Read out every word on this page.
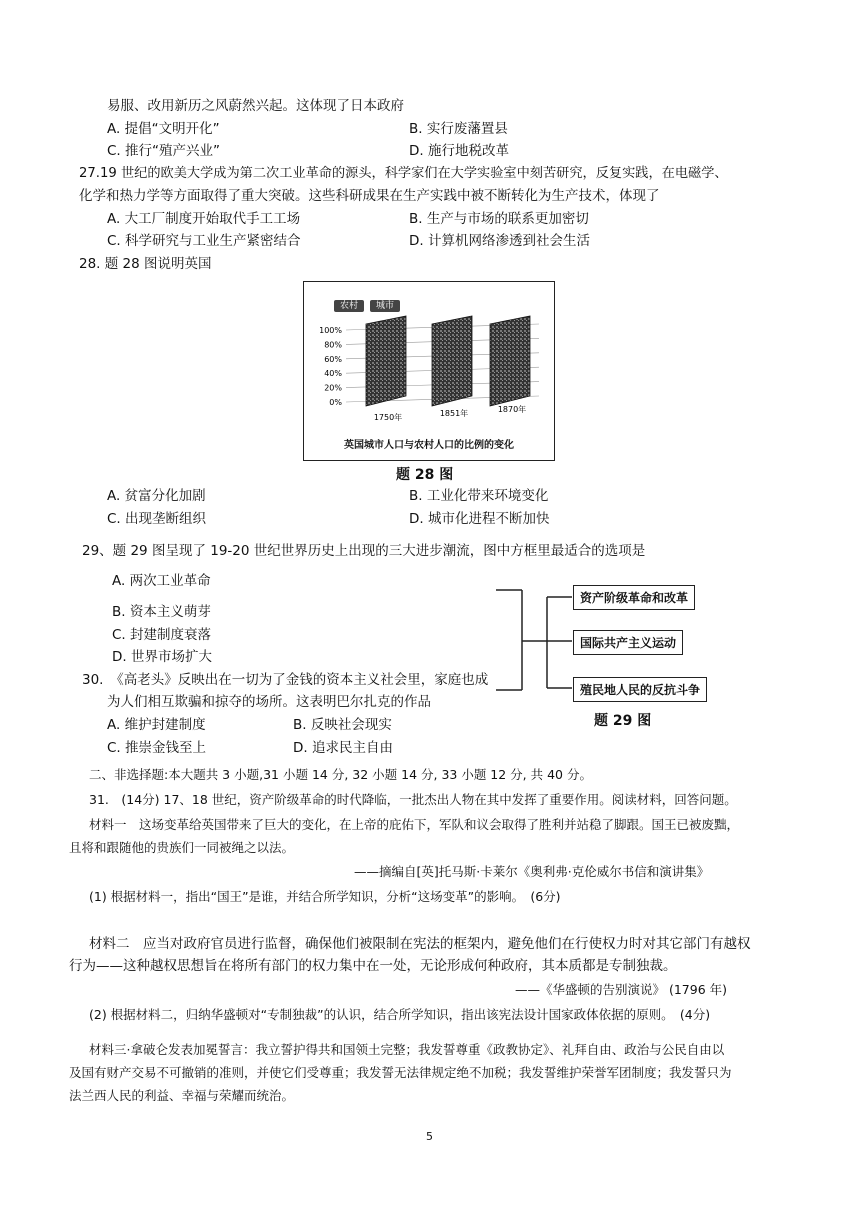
易服、改用新历之风蔚然兴起。这体现了日本政府
A. 提倡“文明开化”	B. 实行废藩置县
C. 推行“殖产兴业”	D. 施行地税改革
27.19 世纪的欧美大学成为第二次工业革命的源头，科学家们在大学实验室中刻苦研究，反复实践，在电磁学、
化学和热力学等方面取得了重大突破。这些科研成果在生产实践中被不断转化为生产技术，体现了
A. 大工厂制度开始取代手工工场	B. 生产与市场的联系更加密切
C. 科学研究与工业生产紧密结合	D. 计算机网络渗透到社会生活
28. 题 28 图说明英国
农村	城市
100%
80%
60%
40%
20%
0%
1750年	1851年	1870年
英国城市人口与农村人口的比例的变化
题 28 图
A. 贫富分化加剧	B. 工业化带来环境变化
C. 出现垄断组织	D. 城市化进程不断加快
29、题 29 图呈现了 19-20 世纪世界历史上出现的三大进步潮流，图中方框里最适合的选项是
A. 两次工业革命
B. 资本主义萌芽
C. 封建制度衰落
D. 世界市场扩大
资产阶级革命和改革
国际共产主义运动
殖民地人民的反抗斗争
题 29 图
30.　《高老头》反映出在一切为了金钱的资本主义社会里，家庭也成
为人们相互欺骗和掠夺的场所。这表明巴尔扎克的作品
A. 维护封建制度	B. 反映社会现实
C. 推崇金钱至上	D. 追求民主自由
二、非选择题:本大题共 3 小题,31 小题 14 分, 32 小题 14 分, 33 小题 12 分, 共 40 分。
31.　(14分) 17、18 世纪，资产阶级革命的时代降临，一批杰出人物在其中发挥了重要作用。阅读材料，回答问题。
材料一　这场变革给英国带来了巨大的变化，在上帝的庇佑下，军队和议会取得了胜利并站稳了脚跟。国王已被废黜，
且将和跟随他的贵族们一同被绳之以法。
——摘编自[英]托马斯·卡莱尔《奥利弗·克伦威尔书信和演讲集》
(1) 根据材料一，指出“国王”是谁，并结合所学知识，分析“这场变革”的影响。　(6分)
材料二　应当对政府官员进行监督，确保他们被限制在宪法的框架内，避免他们在行使权力时对其它部门有越权
行为——这种越权思想旨在将所有部门的权力集中在一处，无论形成何种政府，其本质都是专制独裁。
——《华盛顿的告别演说》 (1796 年)
(2) 根据材料二，归纳华盛顿对“专制独裁”的认识，结合所学知识，指出该宪法设计国家政体依据的原则。　(4分)
材料三·拿破仑发表加冕誓言：我立誓护得共和国领土完整；我发誓尊重《政教协定》、礼拜自由、政治与公民自由以
及国有财产交易不可撤销的准则，并使它们受尊重；我发誓无法律规定绝不加税；我发誓维护荣誉军团制度；我发誓只为
法兰西人民的利益、幸福与荣耀而统治。
5
